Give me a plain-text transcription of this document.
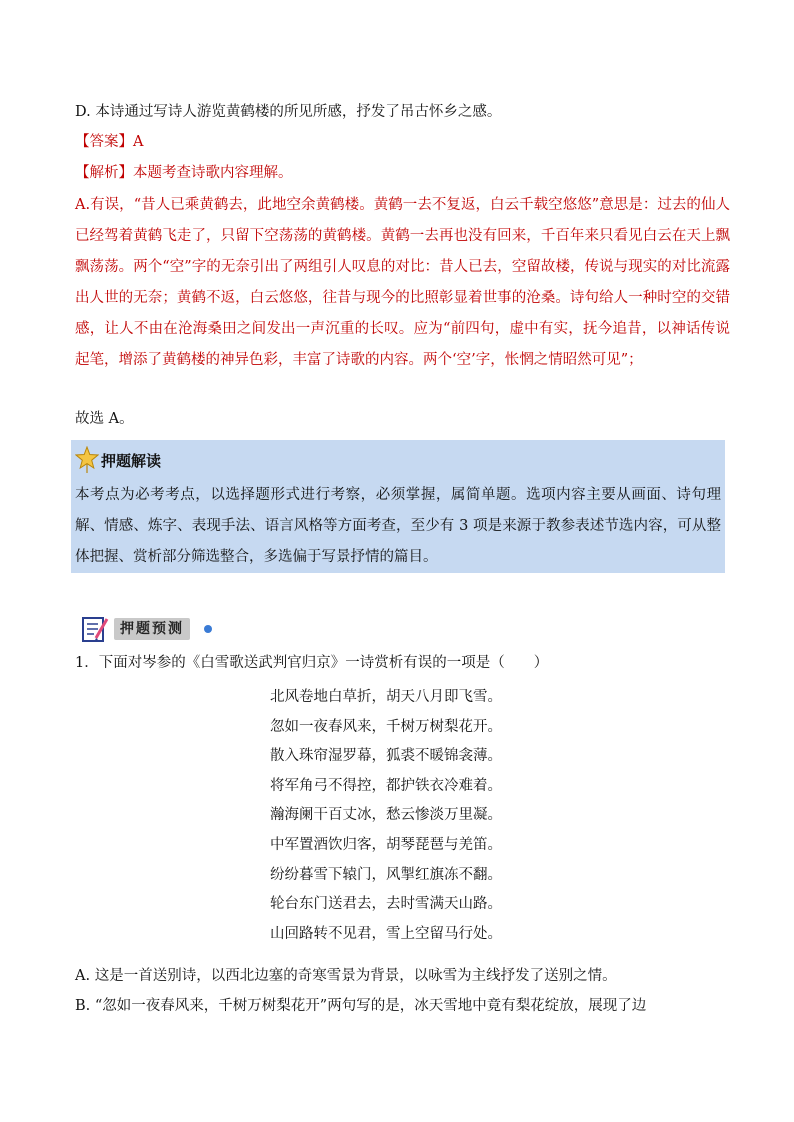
D. 本诗通过写诗人游览黄鹤楼的所见所感，抒发了吊古怀乡之感。

【答案】A

【解析】本题考查诗歌内容理解。

A.有误，“昔人已乘黄鹤去，此地空余黄鹤楼。黄鹤一去不复返，白云千载空悠悠”意思是：过去的仙人已经驾着黄鹤飞走了，只留下空荡荡的黄鹤楼。黄鹤一去再也没有回来，千百年来只看见白云在天上飘飘荡荡。两个“空”字的无奈引出了两组引人叹息的对比：昔人已去，空留故楼，传说与现实的对比流露出人世的无奈；黄鹤不返，白云悠悠，往昔与现今的比照彰显着世事的沧桑。诗句给人一种时空的交错感，让人不由在沧海桑田之间发出一声沉重的长叹。应为“前四句，虚中有实，抚今追昔，以神话传说起笔，增添了黄鹤楼的神异色彩，丰富了诗歌的内容。两个‘空’字，怅惘之情昭然可见”；

故选 A。

押题解读

本考点为必考考点，以选择题形式进行考察，必须掌握，属简单题。选项内容主要从画面、诗句理解、情感、炼字、表现手法、语言风格等方面考查，至少有 3 项是来源于教参表述节选内容，可从整体把握、赏析部分筛选整合，多选偏于写景抒情的篇目。

押题预测

1．下面对岑参的《白雪歌送武判官归京》一诗赏析有误的一项是（　　）

北风卷地白草折，胡天八月即飞雪。
忽如一夜春风来，千树万树梨花开。
散入珠帘湿罗幕，狐裘不暖锦衾薄。
将军角弓不得控，都护铁衣冷难着。
瀚海阑干百丈冰，愁云惨淡万里凝。
中军置酒饮归客，胡琴琵琶与羌笛。
纷纷暮雪下辕门，风掣红旗冻不翻。
轮台东门送君去，去时雪满天山路。
山回路转不见君，雪上空留马行处。

A. 这是一首送别诗，以西北边塞的奇寒雪景为背景，以咏雪为主线抒发了送别之情。

B. “忽如一夜春风来，千树万树梨花开”两句写的是，冰天雪地中竟有梨花绽放，展现了边
